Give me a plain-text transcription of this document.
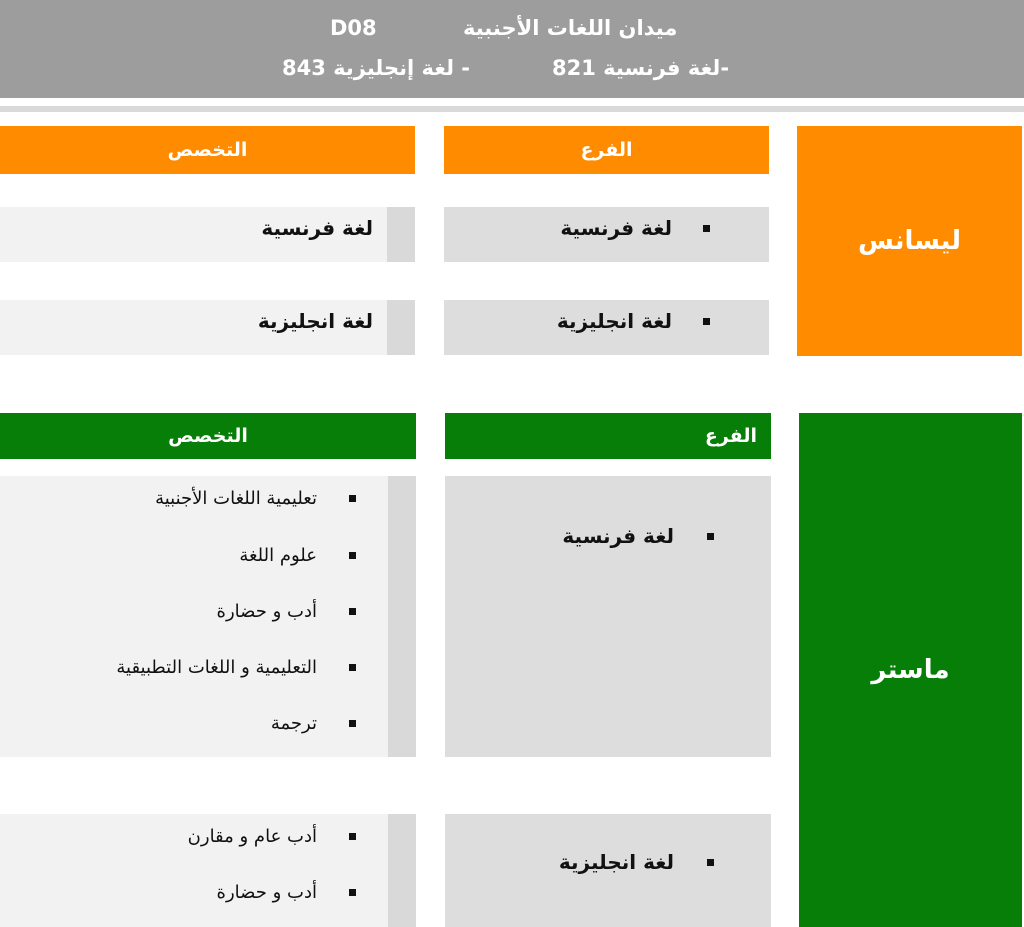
D08	ميدان اللغات الأجنبية
-لغة فرنسية 821
- لغة إنجليزية 843
ليسانس
الفرع
التخصص
لغة فرنسية
لغة فرنسية
لغة انجليزية
لغة انجليزية
ماستر
الفرع
التخصص
لغة فرنسية
تعليمية اللغات الأجنبية
علوم اللغة
أدب و حضارة
التعليمية و اللغات التطبيقية
ترجمة
لغة انجليزية
أدب عام و مقارن
أدب و حضارة
